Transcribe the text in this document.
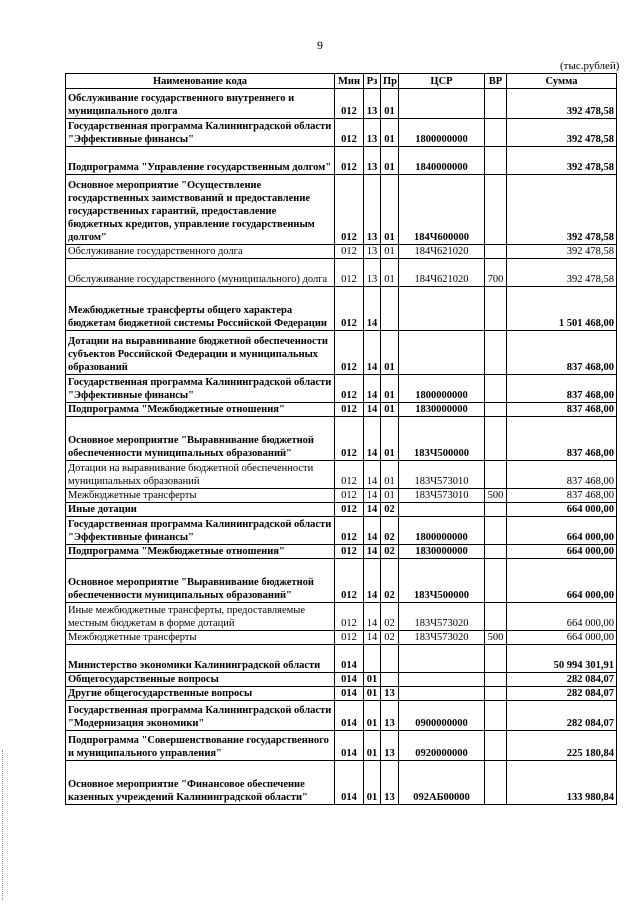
9
(тыс.рублей)
Наименование кода	Мин	Рз	Пр	ЦСР	ВР	Сумма
Обслуживание государственного внутреннего и муниципального долга	012	13	01			392 478,58
Государственная программа Калининградской области "Эффективные финансы"	012	13	01	1800000000		392 478,58
Подпрограмма "Управление государственным долгом"	012	13	01	1840000000		392 478,58
Основное мероприятие "Осуществление государственных заимствований и предоставление государственных гарантий, предоставление бюджетных кредитов, управление государственным долгом"	012	13	01	184Ч600000		392 478,58
Обслуживание государственного долга	012	13	01	184Ч621020		392 478,58
Обслуживание государственного (муниципального) долга	012	13	01	184Ч621020	700	392 478,58
Межбюджетные трансферты общего характера бюджетам бюджетной системы Российской Федерации	012	14				1 501 468,00
Дотации на выравнивание бюджетной обеспеченности субъектов Российской Федерации и муниципальных образований	012	14	01			837 468,00
Государственная программа Калининградской области "Эффективные финансы"	012	14	01	1800000000		837 468,00
Подпрограмма "Межбюджетные отношения"	012	14	01	1830000000		837 468,00
Основное мероприятие "Выравнивание бюджетной обеспеченности муниципальных образований"	012	14	01	183Ч500000		837 468,00
Дотации на выравнивание бюджетной обеспеченности муниципальных образований	012	14	01	183Ч573010		837 468,00
Межбюджетные трансферты	012	14	01	183Ч573010	500	837 468,00
Иные дотации	012	14	02			664 000,00
Государственная программа Калининградской области "Эффективные финансы"	012	14	02	1800000000		664 000,00
Подпрограмма "Межбюджетные отношения"	012	14	02	1830000000		664 000,00
Основное мероприятие "Выравнивание бюджетной обеспеченности муниципальных образований"	012	14	02	183Ч500000		664 000,00
Иные межбюджетные трансферты, предоставляемые местным бюджетам в форме дотаций	012	14	02	183Ч573020		664 000,00
Межбюджетные трансферты	012	14	02	183Ч573020	500	664 000,00
Министерство экономики Калининградской области	014					50 994 301,91
Общегосударственные вопросы	014	01				282 084,07
Другие общегосударственные вопросы	014	01	13			282 084,07
Государственная программа Калининградской области "Модернизация экономики"	014	01	13	0900000000		282 084,07
Подпрограмма "Совершенствование государственного и муниципального управления"	014	01	13	0920000000		225 180,84
Основное мероприятие "Финансовое обеспечение казенных учреждений Калининградской области"	014	01	13	092АБ00000		133 980,84
